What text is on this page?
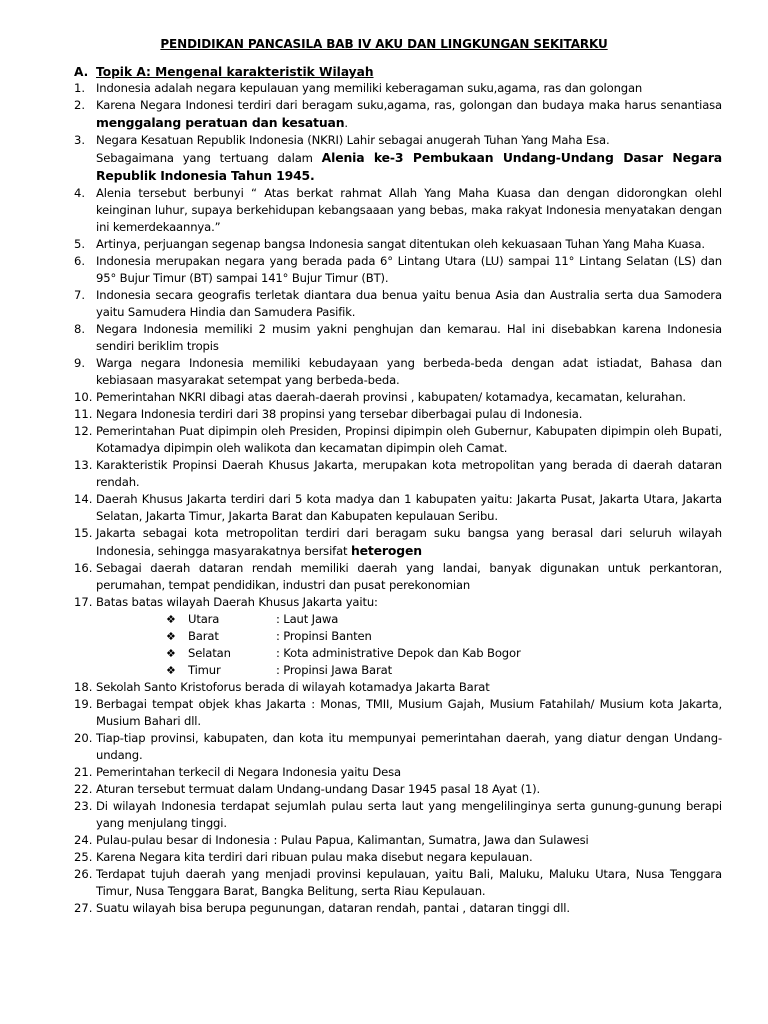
PENDIDIKAN PANCASILA BAB IV AKU DAN LINGKUNGAN SEKITARKU
A. Topik A: Mengenal karakteristik Wilayah
1. Indonesia adalah negara kepulauan yang memiliki keberagaman suku,agama, ras dan golongan
2. Karena Negara Indonesi terdiri dari beragam suku,agama, ras, golongan dan budaya maka harus senantiasa menggalang peratuan dan kesatuan.
3. Negara Kesatuan Republik Indonesia (NKRI) Lahir sebagai anugerah Tuhan Yang Maha Esa.
Sebagaimana yang tertuang dalam Alenia ke-3 Pembukaan Undang-Undang Dasar Negara Republik Indonesia Tahun 1945.
4. Alenia tersebut berbunyi “ Atas berkat rahmat Allah Yang Maha Kuasa dan dengan didorongkan olehl keinginan luhur, supaya berkehidupan kebangsaaan yang bebas, maka rakyat Indonesia menyatakan dengan ini kemerdekaannya.”
5. Artinya, perjuangan segenap bangsa Indonesia sangat ditentukan oleh kekuasaan Tuhan Yang Maha Kuasa.
6. Indonesia merupakan negara yang berada pada 6° Lintang Utara (LU) sampai 11° Lintang Selatan (LS) dan 95° Bujur Timur (BT) sampai 141° Bujur Timur (BT).
7. Indonesia secara geografis terletak diantara dua benua yaitu benua Asia dan Australia serta dua Samodera yaitu Samudera Hindia dan Samudera Pasifik.
8. Negara Indonesia memiliki 2 musim yakni penghujan dan kemarau. Hal ini disebabkan karena Indonesia sendiri beriklim tropis
9. Warga negara Indonesia memiliki kebudayaan yang berbeda-beda dengan adat istiadat, Bahasa dan kebiasaan masyarakat setempat yang berbeda-beda.
10. Pemerintahan NKRI dibagi atas daerah-daerah provinsi , kabupaten/ kotamadya, kecamatan, kelurahan.
11. Negara Indonesia terdiri dari 38 propinsi yang tersebar diberbagai pulau di Indonesia.
12. Pemerintahan Puat dipimpin oleh Presiden, Propinsi dipimpin oleh Gubernur, Kabupaten dipimpin oleh Bupati, Kotamadya dipimpin oleh walikota dan kecamatan dipimpin oleh Camat.
13. Karakteristik Propinsi Daerah Khusus Jakarta, merupakan kota metropolitan yang berada di daerah dataran rendah.
14. Daerah Khusus Jakarta terdiri dari 5 kota madya dan 1 kabupaten yaitu: Jakarta Pusat, Jakarta Utara, Jakarta Selatan, Jakarta Timur, Jakarta Barat dan Kabupaten kepulauan Seribu.
15. Jakarta sebagai kota metropolitan terdiri dari beragam suku bangsa yang berasal dari seluruh wilayah Indonesia, sehingga masyarakatnya bersifat heterogen
16. Sebagai daerah dataran rendah memiliki daerah yang landai, banyak digunakan untuk perkantoran, perumahan, tempat pendidikan, industri dan pusat perekonomian
17. Batas batas wilayah Daerah Khusus Jakarta yaitu:
❖ Utara	: Laut Jawa
❖ Barat	: Propinsi Banten
❖ Selatan	: Kota administrative Depok dan Kab Bogor
❖ Timur	: Propinsi Jawa Barat
18. Sekolah Santo Kristoforus berada di wilayah kotamadya Jakarta Barat
19. Berbagai tempat objek khas Jakarta : Monas, TMII, Musium Gajah, Musium Fatahilah/ Musium kota Jakarta, Musium Bahari dll.
20. Tiap-tiap provinsi, kabupaten, dan kota itu mempunyai pemerintahan daerah, yang diatur dengan Undang-undang.
21. Pemerintahan terkecil di Negara Indonesia yaitu Desa
22. Aturan tersebut termuat dalam Undang-undang Dasar 1945 pasal 18 Ayat (1).
23. Di wilayah Indonesia terdapat sejumlah pulau serta laut yang mengelilinginya serta gunung-gunung berapi yang menjulang tinggi.
24. Pulau-pulau besar di Indonesia : Pulau Papua, Kalimantan, Sumatra, Jawa dan Sulawesi
25. Karena Negara kita terdiri dari ribuan pulau maka disebut negara kepulauan.
26. Terdapat tujuh daerah yang menjadi provinsi kepulauan, yaitu Bali, Maluku, Maluku Utara, Nusa Tenggara Timur, Nusa Tenggara Barat, Bangka Belitung, serta Riau Kepulauan.
27. Suatu wilayah bisa berupa pegunungan, dataran rendah, pantai , dataran tinggi dll.
